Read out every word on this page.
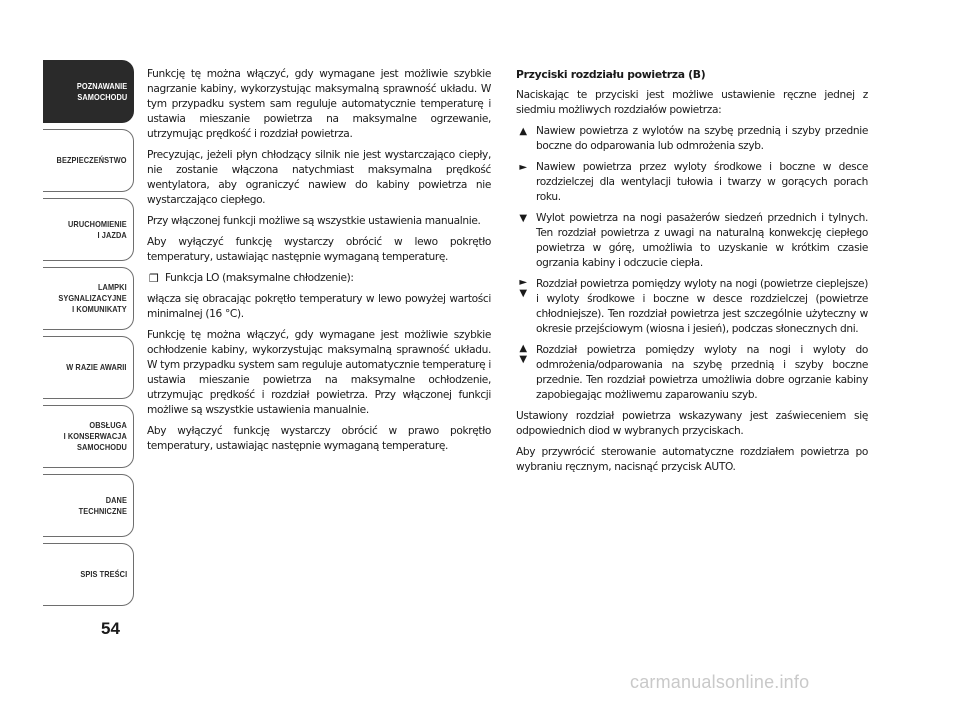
POZNAWANIE
SAMOCHODU
BEZPIECZEŃSTWO
URUCHOMIENIE
I JAZDA
LAMPKI
SYGNALIZACYJNE
I KOMUNIKATY
W RAZIE AWARII
OBSŁUGA
I KONSERWACJA
SAMOCHODU
DANE
TECHNICZNE
SPIS TREŚCI
54

Funkcję tę można włączyć, gdy wymagane jest możliwie szybkie nagrzanie kabiny, wykorzystując maksymalną sprawność układu. W tym przypadku system sam reguluje automatycznie temperaturę i ustawia mieszanie powietrza na maksymalne ogrzewanie, utrzymując prędkość i rozdział powietrza.

Precyzując, jeżeli płyn chłodzący silnik nie jest wystarczająco ciepły, nie zostanie włączona natychmiast maksymalna prędkość wentylatora, aby ograniczyć nawiew do kabiny powietrza nie wystarczająco ciepłego.

Przy włączonej funkcji możliwe są wszystkie ustawienia manualnie.

Aby wyłączyć funkcję wystarczy obrócić w lewo pokrętło temperatury, ustawiając następnie wymaganą temperaturę.

❒ Funkcja LO (maksymalne chłodzenie):

włącza się obracając pokrętło temperatury w lewo powyżej wartości minimalnej (16 °C).

Funkcję tę można włączyć, gdy wymagane jest możliwie szybkie ochłodzenie kabiny, wykorzystując maksymalną sprawność układu. W tym przypadku system sam reguluje automatycznie temperaturę i ustawia mieszanie powietrza na maksymalne ochłodzenie, utrzymując prędkość i rozdział powietrza. Przy włączonej funkcji możliwe są wszystkie ustawienia manualnie.

Aby wyłączyć funkcję wystarczy obrócić w prawo pokrętło temperatury, ustawiając następnie wymaganą temperaturę.

Przyciski rozdziału powietrza (B)

Naciskając te przyciski jest możliwe ustawienie ręczne jednej z siedmiu możliwych rozdziałów powietrza:

▲ Nawiew powietrza z wylotów na szybę przednią i szyby przednie boczne do odparowania lub odmrożenia szyb.
► Nawiew powietrza przez wyloty środkowe i boczne w desce rozdzielczej dla wentylacji tułowia i twarzy w gorących porach roku.
▼ Wylot powietrza na nogi pasażerów siedzeń przednich i tylnych. Ten rozdział powietrza z uwagi na naturalną konwekcję ciepłego powietrza w górę, umożliwia to uzyskanie w krótkim czasie ogrzania kabiny i odczucie ciepła.
►
▼
Rozdział powietrza pomiędzy wyloty na nogi (powietrze cieplejsze) i wyloty środkowe i boczne w desce rozdzielczej (powietrze chłodniejsze). Ten rozdział powietrza jest szczególnie użyteczny w okresie przejściowym (wiosna i jesień), podczas słonecznych dni.
▲
▼
Rozdział powietrza pomiędzy wyloty na nogi i wyloty do odmrożenia/odparowania na szybę przednią i szyby boczne przednie. Ten rozdział powietrza umożliwia dobre ogrzanie kabiny zapobiegając możliwemu zaparowaniu szyb.

Ustawiony rozdział powietrza wskazywany jest zaświeceniem się odpowiednich diod w wybranych przyciskach.

Aby przywrócić sterowanie automatyczne rozdziałem powietrza po wybraniu ręcznym, nacisnąć przycisk AUTO.

carmanualsonline.info
